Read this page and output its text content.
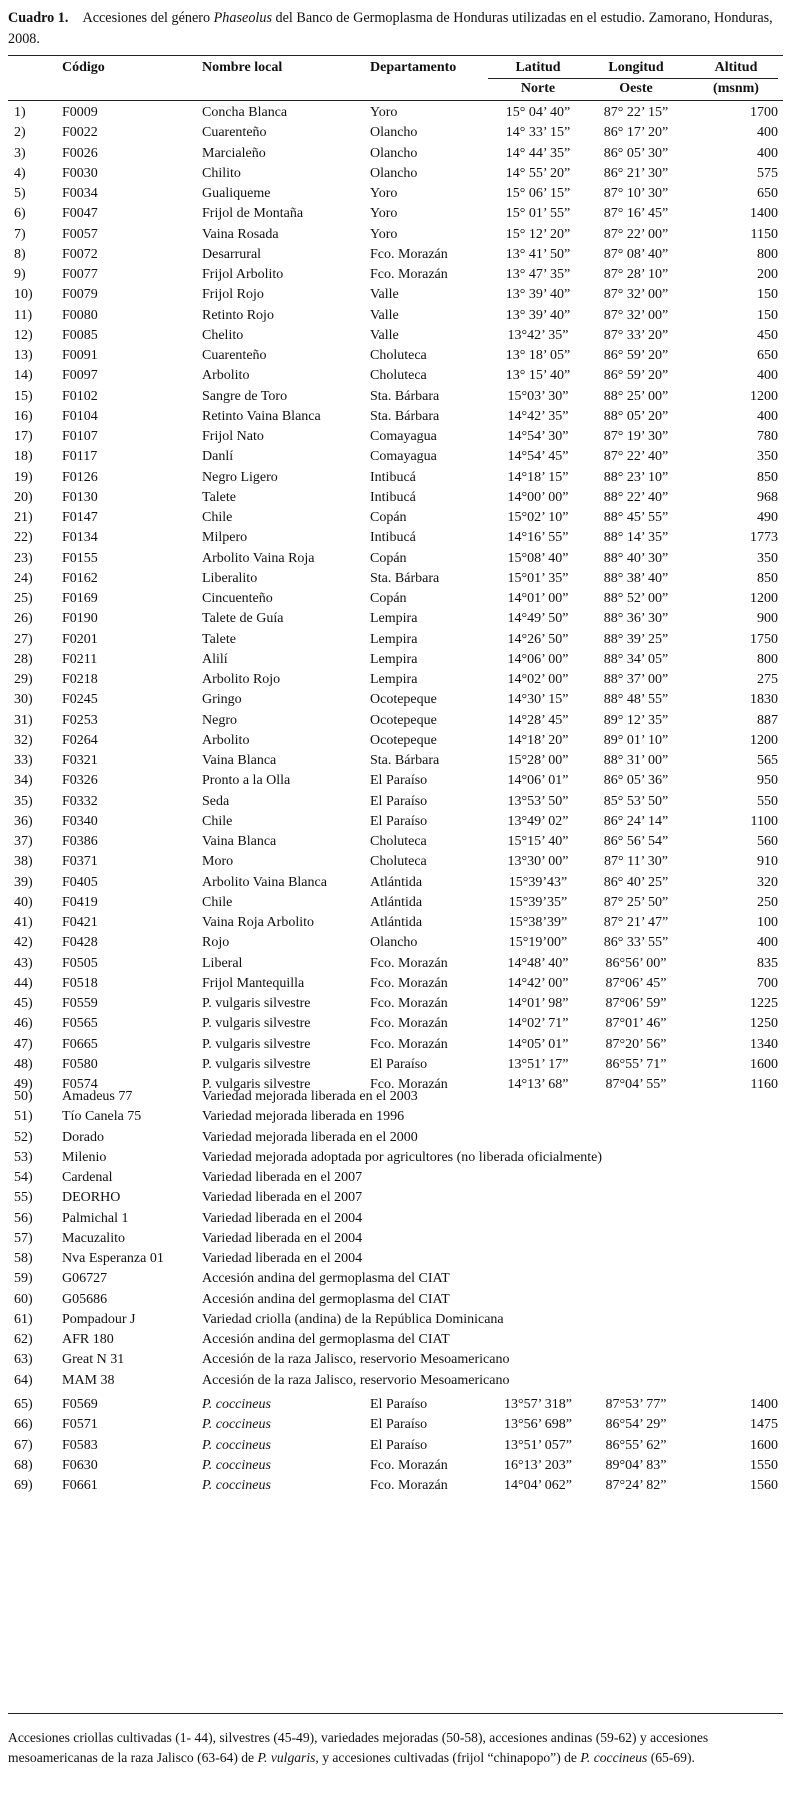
Cuadro 1. Accesiones del género Phaseolus del Banco de Germoplasma de Honduras utilizadas en el estudio. Zamorano, Honduras, 2008.
Código	Nombre local	Departamento	Latitud	Longitud	Altitud
Norte	Oeste	(msnm)
1)	F0009	Concha Blanca	Yoro	15° 04’ 40”	87° 22’ 15”	1700
2)	F0022	Cuarenteño	Olancho	14° 33’ 15”	86° 17’ 20”	400
3)	F0026	Marcialeño	Olancho	14° 44’ 35”	86° 05’ 30”	400
4)	F0030	Chilito	Olancho	14° 55’ 20”	86° 21’ 30”	575
5)	F0034	Gualiqueme	Yoro	15° 06’ 15”	87° 10’ 30”	650
6)	F0047	Frijol de Montaña	Yoro	15° 01’ 55”	87° 16’ 45”	1400
7)	F0057	Vaina Rosada	Yoro	15° 12’ 20”	87° 22’ 00”	1150
8)	F0072	Desarrural	Fco. Morazán	13° 41’ 50”	87° 08’ 40”	800
9)	F0077	Frijol Arbolito	Fco. Morazán	13° 47’ 35”	87° 28’ 10”	200
10) F0079	Frijol Rojo	Valle	13° 39’ 40”	87° 32’ 00”	150
11) F0080	Retinto Rojo	Valle	13° 39’ 40”	87° 32’ 00”	150
12) F0085	Chelito	Valle	13°42’ 35”	87° 33’ 20”	450
13) F0091	Cuarenteño	Choluteca	13° 18’ 05”	86° 59’ 20”	650
14) F0097	Arbolito	Choluteca	13° 15’ 40”	86° 59’ 20”	400
15) F0102	Sangre de Toro	Sta. Bárbara	15°03’ 30”	88° 25’ 00”	1200
16) F0104	Retinto Vaina Blanca	Sta. Bárbara	14°42’ 35”	88° 05’ 20”	400
17) F0107	Frijol Nato	Comayagua	14°54’ 30”	87° 19’ 30”	780
18) F0117	Danlí	Comayagua	14°54’ 45”	87° 22’ 40”	350
19) F0126	Negro Ligero	Intibucá	14°18’ 15”	88° 23’ 10”	850
20) F0130	Talete	Intibucá	14°00’ 00”	88° 22’ 40”	968
21) F0147	Chile	Copán	15°02’ 10”	88° 45’ 55”	490
22) F0134	Milpero	Intibucá	14°16’ 55”	88° 14’ 35”	1773
23) F0155	Arbolito Vaina Roja	Copán	15°08’ 40”	88° 40’ 30”	350
24) F0162	Liberalito	Sta. Bárbara	15°01’ 35”	88° 38’ 40”	850
25) F0169	Cincuenteño	Copán	14°01’ 00”	88° 52’ 00”	1200
26) F0190	Talete de Guía	Lempira	14°49’ 50”	88° 36’ 30”	900
27) F0201	Talete	Lempira	14°26’ 50”	88° 39’ 25”	1750
28) F0211	Alilí	Lempira	14°06’ 00”	88° 34’ 05”	800
29) F0218	Arbolito Rojo	Lempira	14°02’ 00”	88° 37’ 00”	275
30) F0245	Gringo	Ocotepeque	14°30’ 15”	88° 48’ 55”	1830
31) F0253	Negro	Ocotepeque	14°28’ 45”	89° 12’ 35”	887
32) F0264	Arbolito	Ocotepeque	14°18’ 20”	89° 01’ 10”	1200
33) F0321	Vaina Blanca	Sta. Bárbara	15°28’ 00”	88° 31’ 00”	565
34) F0326	Pronto a la Olla	El Paraíso	14°06’ 01”	86° 05’ 36”	950
35) F0332	Seda	El Paraíso	13°53’ 50”	85° 53’ 50”	550
36) F0340	Chile	El Paraíso	13°49’ 02”	86° 24’ 14”	1100
37) F0386	Vaina Blanca	Choluteca	15°15’ 40”	86° 56’ 54”	560
38) F0371	Moro	Choluteca	13°30’ 00”	87° 11’ 30”	910
39) F0405	Arbolito Vaina Blanca	Atlántida	15°39’43”	86° 40’ 25”	320
40) F0419	Chile	Atlántida	15°39’35”	87° 25’ 50”	250
41) F0421	Vaina Roja Arbolito	Atlántida	15°38’39”	87° 21’ 47”	100
42) F0428	Rojo	Olancho	15°19’00”	86° 33’ 55”	400
43) F0505	Liberal	Fco. Morazán	14°48’ 40”	86°56’ 00”	835
44) F0518	Frijol Mantequilla	Fco. Morazán	14°42’ 00”	87°06’ 45”	700
45) F0559	P. vulgaris silvestre	Fco. Morazán	14°01’ 98”	87°06’ 59”	1225
46) F0565	P. vulgaris silvestre	Fco. Morazán	14°02’ 71”	87°01’ 46”	1250
47) F0665	P. vulgaris silvestre	Fco. Morazán	14°05’ 01”	87°20’ 56”	1340
48) F0580	P. vulgaris silvestre	El Paraíso	13°51’ 17”	86°55’ 71”	1600
49) F0574	P. vulgaris silvestre	Fco. Morazán	14°13’ 68”	87°04’ 55”	1160
50) Amadeus 77	Variedad mejorada liberada en el 2003
51) Tío Canela 75	Variedad mejorada liberada en 1996
52) Dorado	Variedad mejorada liberada en el 2000
53) Milenio	Variedad mejorada adoptada por agricultores (no liberada oficialmente)
54) Cardenal	Variedad liberada en el 2007
55) DEORHO	Variedad liberada en el 2007
56) Palmichal 1	Variedad liberada en el 2004
57) Macuzalito	Variedad liberada en el 2004
58) Nva Esperanza 01	Variedad liberada en el 2004
59) G06727	Accesión andina del germoplasma del CIAT
60) G05686	Accesión andina del germoplasma del CIAT
61) Pompadour J	Variedad criolla (andina) de la República Dominicana
62) AFR 180	Accesión andina del germoplasma del CIAT
63) Great N 31	Accesión de la raza Jalisco, reservorio Mesoamericano
64) MAM 38	Accesión de la raza Jalisco, reservorio Mesoamericano
65) F0569	P. coccineus	El Paraíso	13°57’ 318”	87°53’ 77”	1400
66) F0571	P. coccineus	El Paraíso	13°56’ 698”	86°54’ 29”	1475
67) F0583	P. coccineus	El Paraíso	13°51’ 057”	86°55’ 62”	1600
68) F0630	P. coccineus	Fco. Morazán	16°13’ 203”	89°04’ 83”	1550
69) F0661	P. coccineus	Fco. Morazán	14°04’ 062”	87°24’ 82”	1560
Accesiones criollas cultivadas (1- 44), silvestres (45-49), variedades mejoradas (50-58), accesiones andinas (59-62) y accesiones mesoamericanas de la raza Jalisco (63-64) de P. vulgaris, y accesiones cultivadas (frijol “chinapopo”) de P. coccineus (65-69).
